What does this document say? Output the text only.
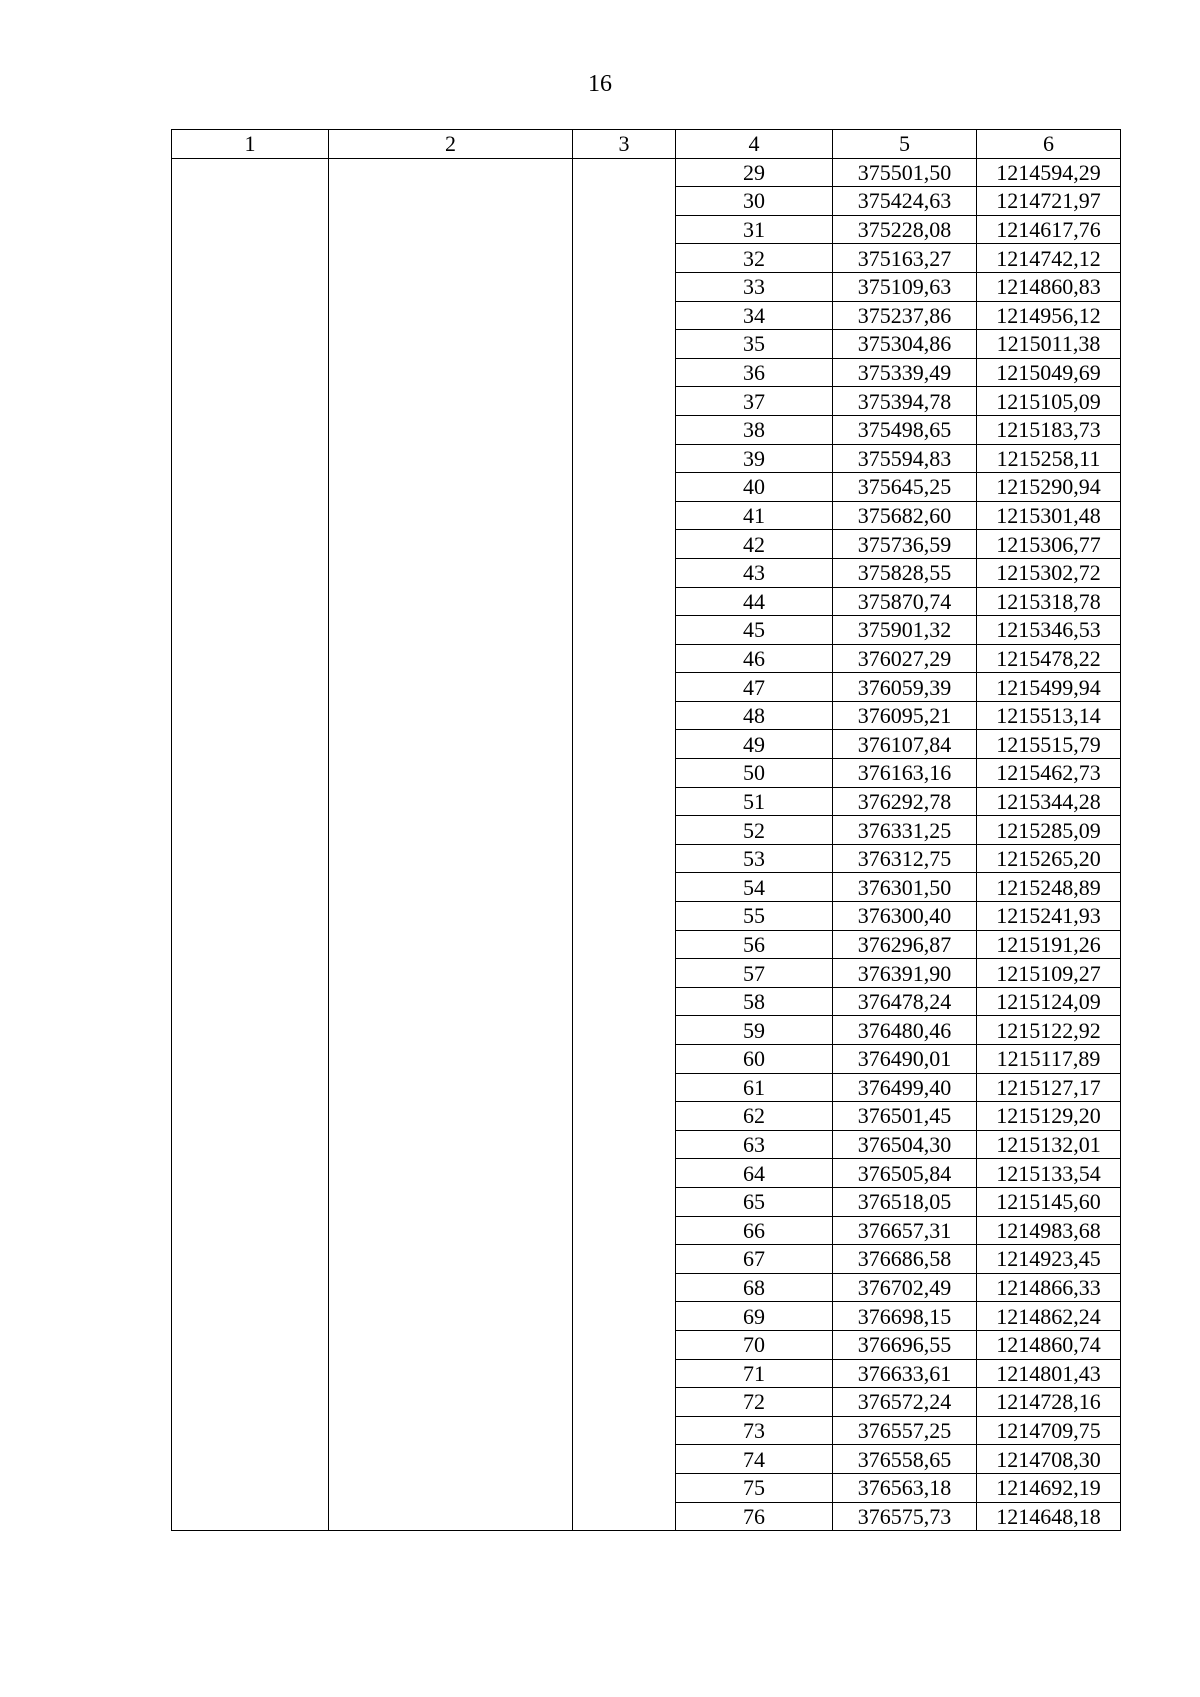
16
1	2	3	4	5	6
			29	375501,50	1214594,29
			30	375424,63	1214721,97
			31	375228,08	1214617,76
			32	375163,27	1214742,12
			33	375109,63	1214860,83
			34	375237,86	1214956,12
			35	375304,86	1215011,38
			36	375339,49	1215049,69
			37	375394,78	1215105,09
			38	375498,65	1215183,73
			39	375594,83	1215258,11
			40	375645,25	1215290,94
			41	375682,60	1215301,48
			42	375736,59	1215306,77
			43	375828,55	1215302,72
			44	375870,74	1215318,78
			45	375901,32	1215346,53
			46	376027,29	1215478,22
			47	376059,39	1215499,94
			48	376095,21	1215513,14
			49	376107,84	1215515,79
			50	376163,16	1215462,73
			51	376292,78	1215344,28
			52	376331,25	1215285,09
			53	376312,75	1215265,20
			54	376301,50	1215248,89
			55	376300,40	1215241,93
			56	376296,87	1215191,26
			57	376391,90	1215109,27
			58	376478,24	1215124,09
			59	376480,46	1215122,92
			60	376490,01	1215117,89
			61	376499,40	1215127,17
			62	376501,45	1215129,20
			63	376504,30	1215132,01
			64	376505,84	1215133,54
			65	376518,05	1215145,60
			66	376657,31	1214983,68
			67	376686,58	1214923,45
			68	376702,49	1214866,33
			69	376698,15	1214862,24
			70	376696,55	1214860,74
			71	376633,61	1214801,43
			72	376572,24	1214728,16
			73	376557,25	1214709,75
			74	376558,65	1214708,30
			75	376563,18	1214692,19
			76	376575,73	1214648,18
